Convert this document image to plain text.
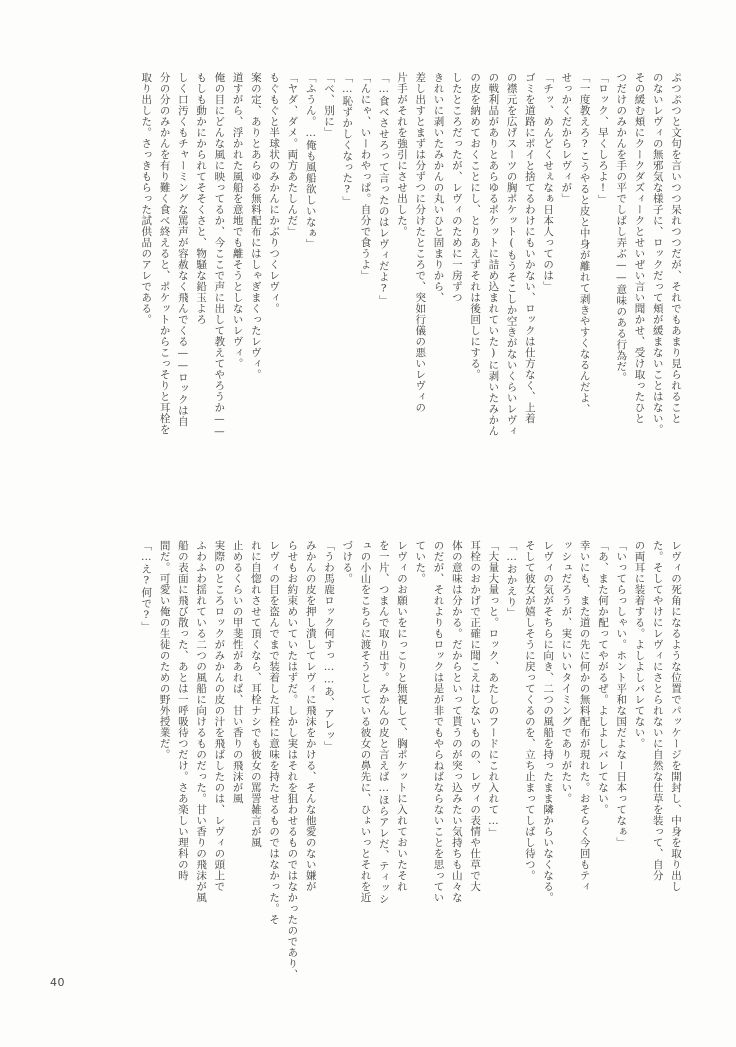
ぷつぷつと文句を言いつつ呆れつつだが、それでもあまり見られること
のないレヴィの無邪気な様子に、ロックだって頬が緩まないことはない。
その緩む頬にクークダズィークとせいぜい言い聞かせ、受け取ったひと
つだけのみかんを手の平でしばし弄ぶ——意味のある行為だ。
「ロック、早くしろよ!」
「一度教えろ?こうやると皮と中身が離れて剥きやすくなるんだよ、
せっかくだからレヴィが」
「チッ、めんどくせぇなぁ日本人ってのは」
ゴミを道路にポイと捨てるわけにもいかない、ロックは仕方なく、上着
の襟元を広げスーツの胸ポケット(もうそこしか空きがないくらいレヴィ
の戦利品がありとあらゆるポケットに詰め込まれていた)に剥いたみかん
の皮を納めておくことにし、とりあえずそれは後回しにする。
したところだったが、レヴィのために一房ずつ
きれいに剥いたみかんの丸いひと固まりから、
差し出すとまずは分ずつに分けたところで、突如行儀の悪いレヴィの
片手がそれを強引にさせ出した。
「…食べさせろって言ったのはレヴィだよ?」
「んにゃ、いーわやっぱ。自分で食うよ」
「…恥ずかしくなった?」
「べ、別に」
「ふうん。…俺も風船欲しいなぁ」
「ヤダ、ダメ。両方あたしんだ」
もぐもぐと半球状のみかんにかぶりつくレヴィ。
案の定、ありとあらゆる無料配布にはしゃぎまくったレヴィ。
道すがら、浮かれた風船を意地でも離そうとしないレヴィ。
俺の目にどんな風に映ってるか、今ここで声に出して教えてやろうか——
もしも動かにかられてそそくさと、物騒な鉛玉よろ
しく口汚くもチャーミングな罵声が容赦なく飛んでくる——ロックは自
分の分のみかんを有り難く食べ終えると、ポケットからこっそりと耳栓を
取り出した。さっきもらった試供品のアレである。
レヴィの死角になるような位置でパッケージを開封し、中身を取り出し
た。そしてやけにレヴィにさとられないに自然な仕草を装って、自分
の両耳に装着する。よしよしバレてない。
「いってらっしゃい。ホント平和な国だよなー日本ってなぁ」
「あ、また何か配ってやがるぜ。よしよしバレてない。
幸いにも、また道の先に何かの無料配布が現れた。おそらく今回もティ
ッシュだろうが、実にいいタイミングでありがたい。
レヴィの気がそちらに向き、二つの風船を持ったまま隣からいなくなる。
そして彼女が嬉しそうに戻ってくるのを、立ち止まってしばし待つ。
「…おかえり」
「大量大量っと。ロック、あたしのフードにこれ入れて…」
耳栓のおかげで正確に聞こえはしないものの、レヴィの表情や仕草で大
体の意味は分かる。だからといって貰うのが突っ込みたい気持ちも山々な
のだが、それよりもロックは是が非でもやらねばならないことを思ってい
ていた。
レヴィのお願いをにっこりと無視して、胸ポケットに入れておいたそれ
を一片、つまんで取り出す。みかんの皮と言えば…ほらアレだ、ティッシ
ュの小山をこちらに渡そうとしている彼女の鼻先に、ひょいっとそれを近
づける。
「うわ馬鹿ロック何すっ……あ、アレッ」
みかんの皮を押し潰してレヴィに飛沫をかける、そんな他愛のない嫌が
らせもお約束めいていたはずだ。しかし実はそれを狙わせるものではなかったのであり、
レヴィの目を盗んでまで装着した耳栓に意味を持たせるものではなかった。そ
れに自惚れさせて頂くなら、耳栓ナシでも彼女の罵詈雑言が風
止めるくらいの甲斐性があれば、甘い香りの飛沫が風
実際のところロックがみかんの皮の汁を飛ばしたのは、レヴィの頭上で
ふわふわ揺れている二つの風船に向けるものだった。甘い香りの飛沫が風
船の表面に飛び散った、あとは一呼吸待つだけ。さあ楽しい理科の時
間だ。可愛い俺の生徒のための野外授業だ。
「…え?何で?」
40
